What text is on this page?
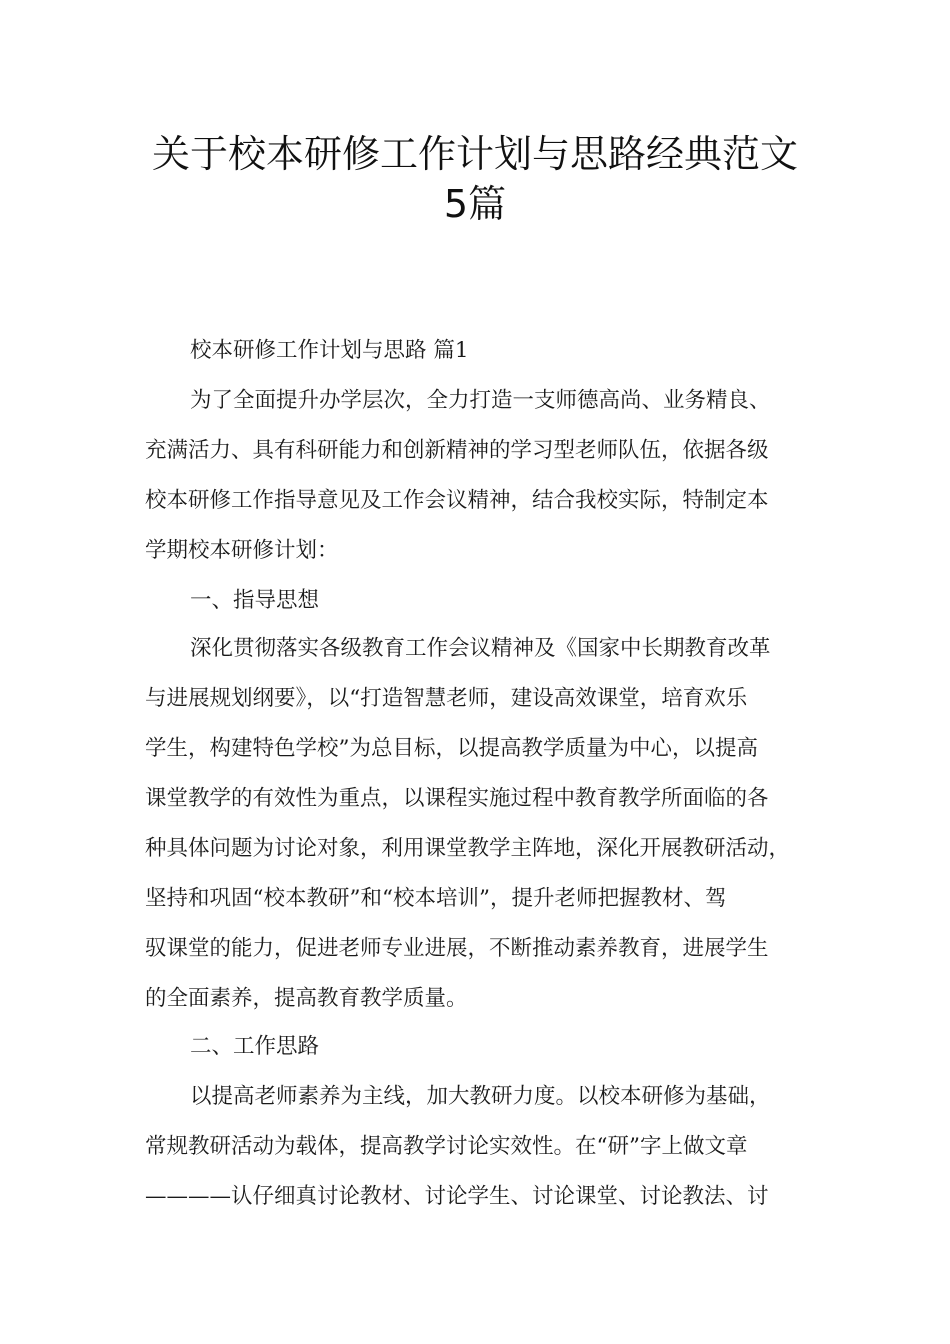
关于校本研修工作计划与思路经典范文
5篇

校本研修工作计划与思路 篇1

为了全面提升办学层次，全力打造一支师德高尚、业务精良、
充满活力、具有科研能力和创新精神的学习型老师队伍，依据各级
校本研修工作指导意见及工作会议精神，结合我校实际，特制定本
学期校本研修计划：

一、指导思想

深化贯彻落实各级教育工作会议精神及《国家中长期教育改革
与进展规划纲要》，以“打造智慧老师，建设高效课堂，培育欢乐
学生，构建特色学校”为总目标，以提高教学质量为中心，以提高
课堂教学的有效性为重点，以课程实施过程中教育教学所面临的各
种具体问题为讨论对象，利用课堂教学主阵地，深化开展教研活动，
坚持和巩固“校本教研”和“校本培训”，提升老师把握教材、驾
驭课堂的能力，促进老师专业进展，不断推动素养教育，进展学生
的全面素养，提高教育教学质量。

二、工作思路

以提高老师素养为主线，加大教研力度。以校本研修为基础，
常规教研活动为载体，提高教学讨论实效性。在“研”字上做文章
————认仔细真讨论教材、讨论学生、讨论课堂、讨论教法、讨
